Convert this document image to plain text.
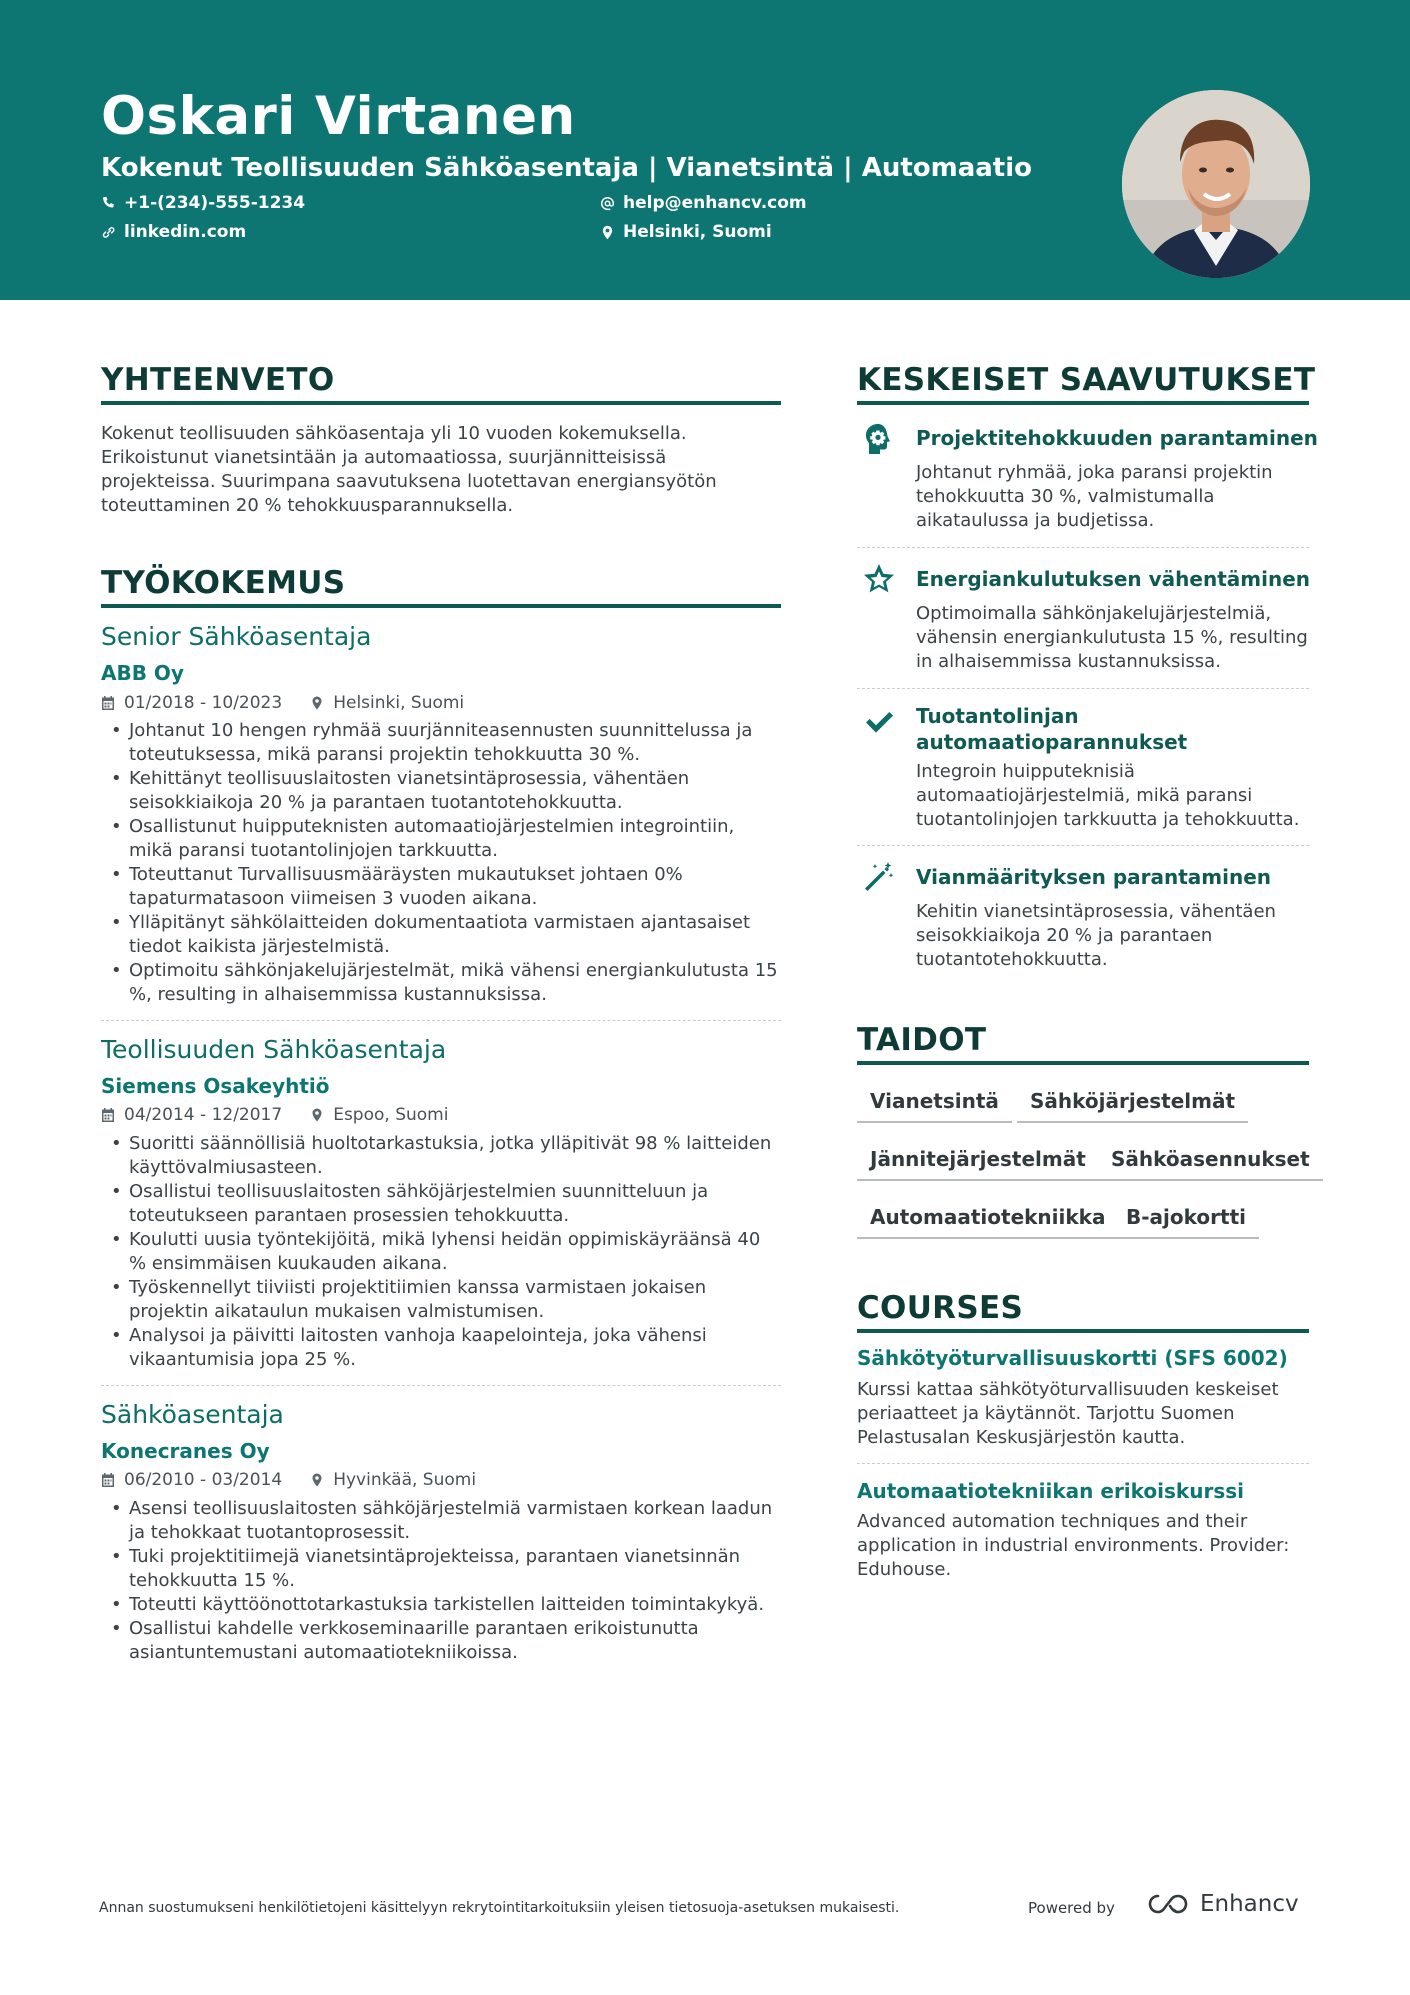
Oskari Virtanen
Kokenut Teollisuuden Sähköasentaja | Vianetsintä | Automaatio
+1-(234)-555-1234	help@enhancv.com
linkedin.com	Helsinki, Suomi
YHTEENVETO
Kokenut teollisuuden sähköasentaja yli 10 vuoden kokemuksella.
Erikoistunut vianetsintään ja automaatiossa, suurjännitteisissä
projekteissa. Suurimpana saavutuksena luotettavan energiansyötön
toteuttaminen 20 % tehokkuusparannuksella.
TYÖKOKEMUS
Senior Sähköasentaja
ABB Oy
01/2018 - 10/2023	Helsinki, Suomi
• Johtanut 10 hengen ryhmää suurjänniteasennusten suunnittelussa ja
toteutuksessa, mikä paransi projektin tehokkuutta 30 %.
• Kehittänyt teollisuuslaitosten vianetsintäprosessia, vähentäen
seisokkiaikoja 20 % ja parantaen tuotantotehokkuutta.
• Osallistunut huipputeknisten automaatiojärjestelmien integrointiin,
mikä paransi tuotantolinjojen tarkkuutta.
• Toteuttanut Turvallisuusmääräysten mukautukset johtaen 0%
tapaturmatasoon viimeisen 3 vuoden aikana.
• Ylläpitänyt sähkölaitteiden dokumentaatiota varmistaen ajantasaiset
tiedot kaikista järjestelmistä.
• Optimoitu sähkönjakelujärjestelmät, mikä vähensi energiankulutusta 15
%, resulting in alhaisemmissa kustannuksissa.
Teollisuuden Sähköasentaja
Siemens Osakeyhtiö
04/2014 - 12/2017	Espoo, Suomi
• Suoritti säännöllisiä huoltotarkastuksia, jotka ylläpitivät 98 % laitteiden
käyttövalmiusasteen.
• Osallistui teollisuuslaitosten sähköjärjestelmien suunnitteluun ja
toteutukseen parantaen prosessien tehokkuutta.
• Koulutti uusia työntekijöitä, mikä lyhensi heidän oppimiskäyräänsä 40
% ensimmäisen kuukauden aikana.
• Työskennellyt tiiviisti projektitiimien kanssa varmistaen jokaisen
projektin aikataulun mukaisen valmistumisen.
• Analysoi ja päivitti laitosten vanhoja kaapelointeja, joka vähensi
vikaantumisia jopa 25 %.
Sähköasentaja
Konecranes Oy
06/2010 - 03/2014	Hyvinkää, Suomi
• Asensi teollisuuslaitosten sähköjärjestelmiä varmistaen korkean laadun
ja tehokkaat tuotantoprosessit.
• Tuki projektitiimejä vianetsintäprojekteissa, parantaen vianetsinnän
tehokkuutta 15 %.
• Toteutti käyttöönottotarkastuksia tarkistellen laitteiden toimintakykyä.
• Osallistui kahdelle verkkoseminaarille parantaen erikoistunutta
asiantuntemustani automaatiotekniikoissa.
KESKEISET SAAVUTUKSET
Projektitehokkuuden parantaminen
Johtanut ryhmää, joka paransi projektin
tehokkuutta 30 %, valmistumalla
aikataulussa ja budjetissa.
Energiankulutuksen vähentäminen
Optimoimalla sähkönjakelujärjestelmiä,
vähensin energiankulutusta 15 %, resulting
in alhaisemmissa kustannuksissa.
Tuotantolinjan
automaatioparannukset
Integroin huipputeknisiä
automaatiojärjestelmiä, mikä paransi
tuotantolinjojen tarkkuutta ja tehokkuutta.
Vianmäärityksen parantaminen
Kehitin vianetsintäprosessia, vähentäen
seisokkiaikoja 20 % ja parantaen
tuotantotehokkuutta.
TAIDOT
Vianetsintä	Sähköjärjestelmät
Jännitejärjestelmät	Sähköasennukset
Automaatiotekniikka	B-ajokortti
COURSES
Sähkötyöturvallisuuskortti (SFS 6002)
Kurssi kattaa sähkötyöturvallisuuden keskeiset
periaatteet ja käytännöt. Tarjottu Suomen
Pelastusalan Keskusjärjestön kautta.
Automaatiotekniikan erikoiskurssi
Advanced automation techniques and their
application in industrial environments. Provider:
Eduhouse.
Annan suostumukseni henkilötietojeni käsittelyyn rekrytointitarkoituksiin yleisen tietosuoja-asetuksen mukaisesti.	Powered by	Enhancv
